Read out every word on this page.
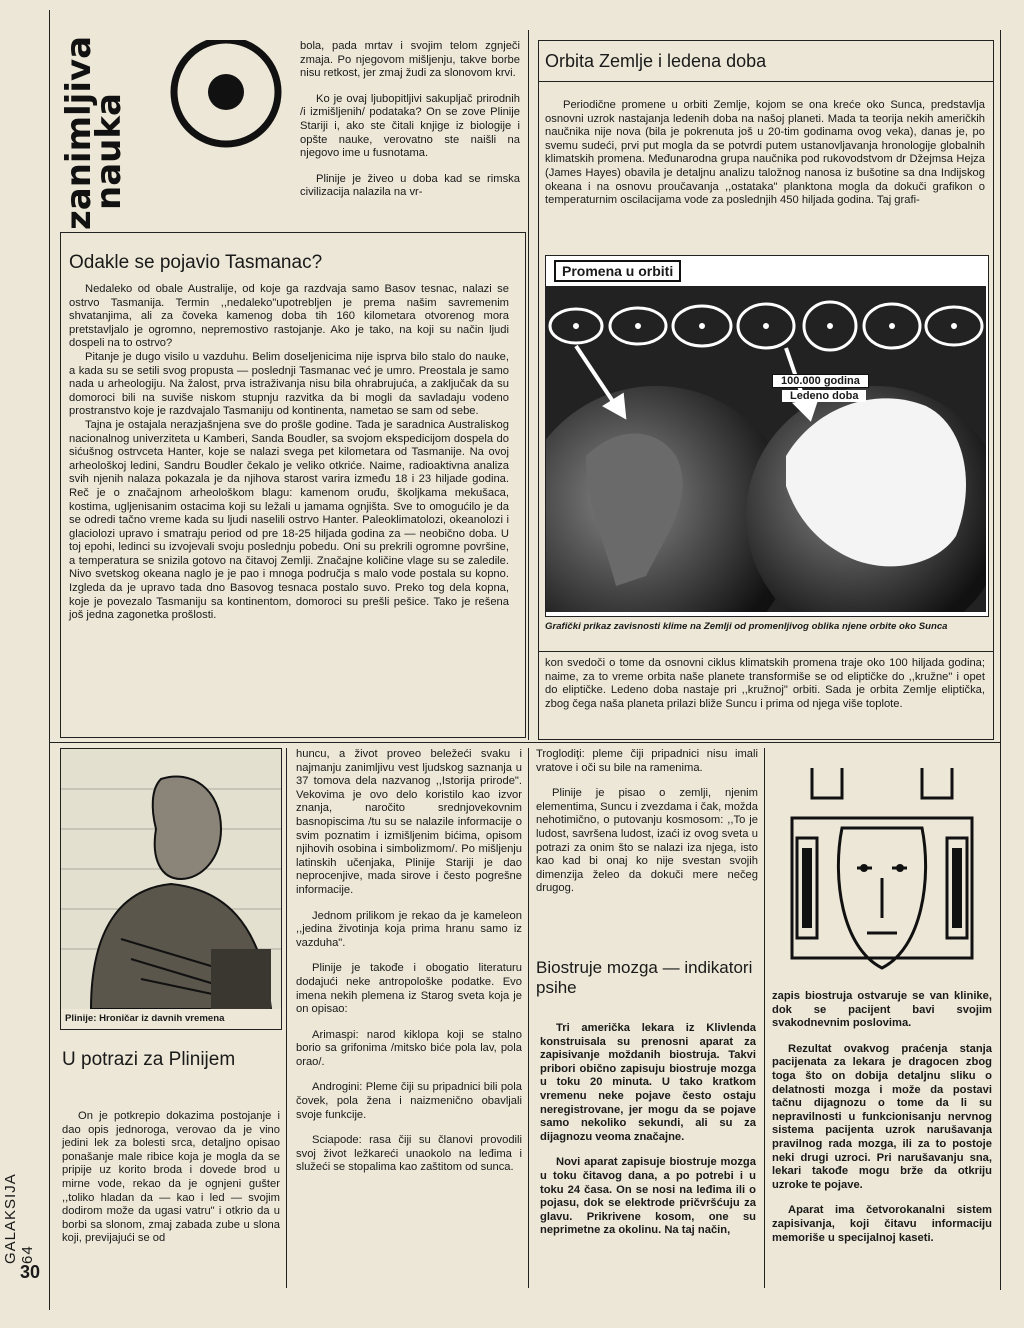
30
GALAKSIJA 64
zanimljiva
nauka

bola, pada mrtav i svojim telom zgnječi zmaja. Po njegovom mišljenju, takve borbe nisu retkost, jer zmaj žudi za slonovom krvi.

Ko je ovaj ljubopitljivi sakupljač prirodnih /i izmišljenih/ podataka? On se zove Plinije Stariji i, ako ste čitali knjige iz biologije i opšte nauke, verovatno ste naišli na njegovo ime u fusnotama.

Plinije je živeo u doba kad se rimska civilizacija nalazila na vr-

Odakle se pojavio Tasmanac?

Nedaleko od obale Australije, od koje ga razdvaja samo Basov tesnac, nalazi se ostrvo Tasmanija. Termin ,,nedaleko"upotrebljen je prema našim savremenim shvatanjima, ali za čoveka kamenog doba tih 160 kilometara otvorenog mora pretstavljalo je ogromno, nepremostivo rastojanje. Ako je tako, na koji su način ljudi dospeli na to ostrvo?

Pitanje je dugo visilo u vazduhu. Belim doseljenicima nije isprva bilo stalo do nauke, a kada su se setili svog propusta — poslednji Tasmanac već je umro. Preostala je samo nada u arheologiju. Na žalost, prva istraživanja nisu bila ohrabrujuća, a zaključak da su domoroci bili na suviše niskom stupnju razvitka da bi mogli da savladaju vodeno prostranstvo koje je razdvajalo Tasmaniju od kontinenta, nametao se sam od sebe.

Tajna je ostajala nerazjašnjena sve do prošle godine. Tada je saradnica Australiskog nacionalnog univerziteta u Kamberi, Sanda Boudler, sa svojom ekspedicijom dospela do sićušnog ostrvceta Hanter, koje se nalazi svega pet kilometara od Tasmanije. Na ovoj arheološkoj ledini, Sandru Boudler čekalo je veliko otkriće. Naime, radioaktivna analiza svih njenih nalaza pokazala je da njihova starost varira između 18 i 23 hiljade godina. Reč je o značajnom arheološkom blagu: kamenom oruđu, školjkama mekušaca, kostima, ugljenisanim ostacima koji su ležali u jamama ognjišta. Sve to omogućilo je da se odredi tačno vreme kada su ljudi naselili ostrvo Hanter. Paleoklimatolozi, okeanolozi i glaciolozi upravo i smatraju period od pre 18-25 hiljada godina za — neobično doba. U toj epohi, ledinci su izvojevali svoju poslednju pobedu. Oni su prekrili ogromne površine, a temperatura se snizila gotovo na čitavoj Zemlji. Značajne količine vlage su se zaledile. Nivo svetskog okeana naglo je je pao i mnoga područja s malo vode postala su kopno. Izgleda da je upravo tada dno Basovog tesnaca postalo suvo. Preko tog dela kopna, koje je povezalo Tasmaniju sa kontinentom, domoroci su prešli pešice. Tako je rešena još jedna zagonetka prošlosti.

Orbita Zemlje i ledena doba
Periodične promene u orbiti Zemlje, kojom se ona kreće oko Sunca, predstavlja osnovni uzrok nastajanja ledenih doba na našoj planeti. Mada ta teorija nekih američkih naučnika nije nova (bila je pokrenuta još u 20-tim godinama ovog veka), danas je, po svemu sudeći, prvi put mogla da se potvrdi putem ustanovljavanja hronologije globalnih klimatskih promena. Međunarodna grupa naučnika pod rukovodstvom dr Džejmsa Hejza (James Hayes) obavila je detaljnu analizu taložnog nanosa iz bušotine sa dna Indijskog okeana i na osnovu proučavanja ,,ostataka" planktona mogla da dokuči grafikon o temperaturnim oscilacijama vode za poslednjih 450 hiljada godina. Taj grafi-
Promena u orbiti
100.000 godina
Ledeno doba
Grafički prikaz zavisnosti klime na Zemlji od promenljivog oblika njene orbite oko Sunca
kon svedoči o tome da osnovni ciklus klimatskih promena traje oko 100 hiljada godina; naime, za to vreme orbita naše planete transformiše se od eliptičke do ,,kružne" i opet do eliptičke. Ledeno doba nastaje pri ,,kružnoj" orbiti. Sada je orbita Zemlje eliptička, zbog čega naša planeta prilazi bliže Suncu i prima od njega više toplote.
Plinije: Hroničar iz davnih vremena
U potrazi za Plinijem
On je potkrepio dokazima postojanje i dao opis jednoroga, verovao da je vino jedini lek za bolesti srca, detaljno opisao ponašanje male ribice koja je mogla da se pripije uz korito broda i dovede brod u mirne vode, rekao da je ognjeni gušter ,,toliko hladan da — kao i led — svojim dodirom može da ugasi vatru" i otkrio da u borbi sa slonom, zmaj zabada zube u slona koji, previjajući se od

huncu, a život proveo beležeći svaku i najmanju zanimljivu vest ljudskog saznanja u 37 tomova dela nazvanog ,,Istorija prirode". Vekovima je ovo delo koristilo kao izvor znanja, naročito srednjovekovnim basnopiscima /tu su se nalazile informacije o svim poznatim i izmišljenim bićima, opisom njihovih osobina i simbolizmom/. Po mišljenju latinskih učenjaka, Plinije Stariji je dao neprocenjive, mada sirove i često pogrešne informacije.

Jednom prilikom je rekao da je kameleon ,,jedina životinja koja prima hranu samo iz vazduha".

Plinije je takođe i obogatio literaturu dodajući neke antropološke podatke. Evo imena nekih plemena iz Starog sveta koja je on opisao:

Arimaspi: narod kiklopa koji se stalno borio sa grifonima /mitsko biće pola lav, pola orao/.

Androgini: Pleme čiji su pripadnici bili pola čovek, pola žena i naizmenično obavljali svoje funkcije.

Sciapode: rasa čiji su članovi provodili svoj život ležkareći unaokolo na leđima i služeći se stopalima kao zaštitom od sunca.

Troglodiţi: pleme čiji pripadnici nisu imali vratove i oči su bile na ramenima.

Plinije je pisao o zemlji, njenim elementima, Suncu i zvezdama i čak, možda nehotimično, o putovanju kosmosom: ,,To je ludost, savršena ludost, izaći iz ovog sveta u potrazi za onim što se nalazi iza njega, isto kao kad bi onaj ko nije svestan svojih dimenzija želeo da dokuči mere nečeg drugog.

Biostruje mozga — indikatori psihe

Tri američka lekara iz Klivlenda konstruisala su prenosni aparat za zapisivanje moždanih biostruja. Takvi pribori obično zapisuju biostruje mozga u toku 20 minuta. U tako kratkom vremenu neke pojave često ostaju neregistrovane, jer mogu da se pojave samo nekoliko sekundi, ali su za dijagnozu veoma značajne.

Novi aparat zapisuje biostruje mozga u toku čitavog dana, a po potrebi i u toku 24 časa. On se nosi na leđima ili o pojasu, dok se elektrode pričvršćuju za glavu. Prikrivene kosom, one su neprimetne za okolinu. Na taj način,

zapis biostruja ostvaruje se van klinike, dok se pacijent bavi svojim svakodnevnim poslovima.

Rezultat ovakvog praćenja stanja pacijenata za lekara je dragocen zbog toga što on dobija detaljnu sliku o delatnosti mozga i može da postavi tačnu dijagnozu o tome da li su nepravilnosti u funkcionisanju nervnog sistema pacijenta uzrok narušavanja pravilnog rada mozga, ili za to postoje neki drugi uzroci. Pri narušavanju sna, lekari takođe mogu brže da otkriju uzroke te pojave.

Aparat ima četvorokanalni sistem zapisivanja, koji čitavu informaciju memoriše u specijalnoj kaseti.
